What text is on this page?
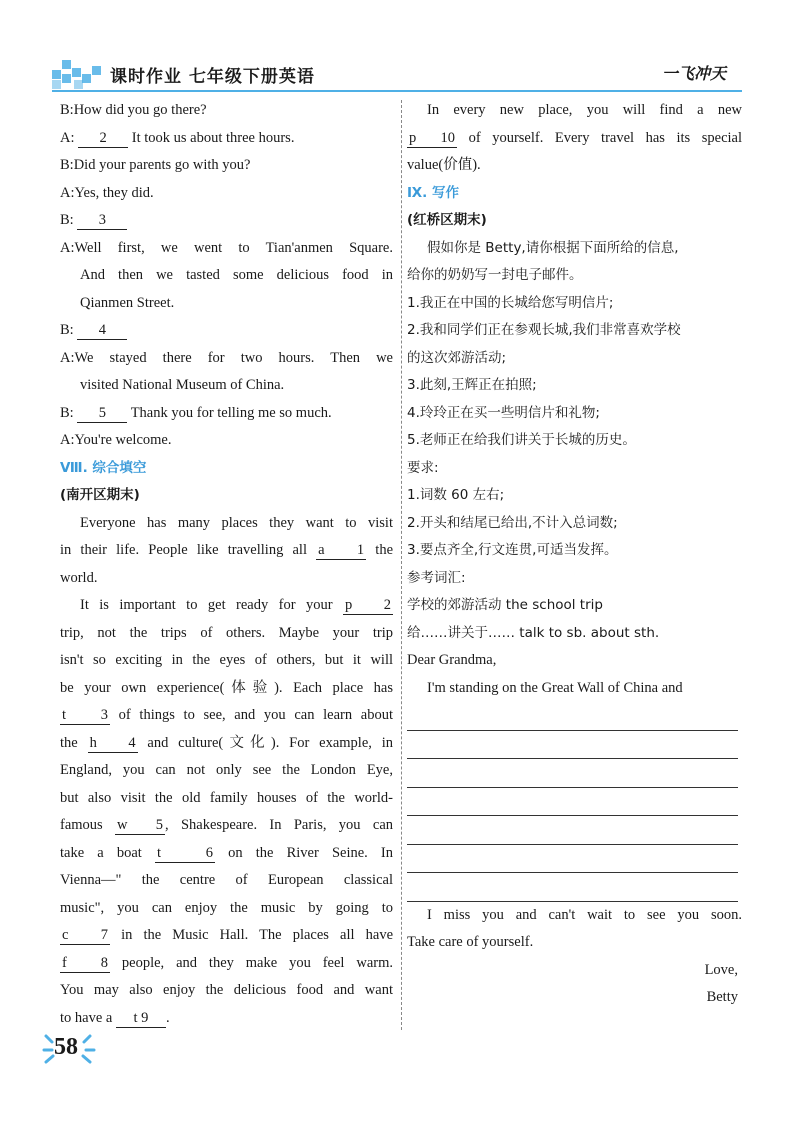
课时作业 七年级下册英语	一飞冲天
B:How did you go there?
A: 2 It took us about three hours.
B:Did your parents go with you?
A:Yes, they did.
B: 3
A:Well first, we went to Tian'anmen Square.
And then we tasted some delicious food in
Qianmen Street.
B: 4
A:We stayed there for two hours. Then we
visited National Museum of China.
B: 5 Thank you for telling me so much.
A:You're welcome.
Ⅷ. 综合填空
(南开区期末)
Everyone has many places they want to visit
in their life. People like travelling all a 1 the
world.
It is important to get ready for your p 2
trip, not the trips of others. Maybe your trip
isn't so exciting in the eyes of others, but it will
be your own experience(体验). Each place has
t 3 of things to see, and you can learn about
the h 4 and culture(文化). For example, in
England, you can not only see the London Eye,
but also visit the old family houses of the world-
famous w 5 , Shakespeare. In Paris, you can
take a boat t 6 on the River Seine. In
Vienna—" the centre of European classical
music", you can enjoy the music by going to
c 7 in the Music Hall. The places all have
f 8 people, and they make you feel warm.
You may also enjoy the delicious food and want
to have a t 9 .
In every new place, you will find a new
p 10 of yourself. Every travel has its special
value(价值).
Ⅸ. 写作
(红桥区期末)
假如你是 Betty,请你根据下面所给的信息,
给你的奶奶写一封电子邮件。
1.我正在中国的长城给您写明信片;
2.我和同学们正在参观长城,我们非常喜欢学校
的这次郊游活动;
3.此刻,王辉正在拍照;
4.玲玲正在买一些明信片和礼物;
5.老师正在给我们讲关于长城的历史。
要求:
1.词数 60 左右;
2.开头和结尾已给出,不计入总词数;
3.要点齐全,行文连贯,可适当发挥。
参考词汇:
学校的郊游活动 the school trip
给……讲关于…… talk to sb. about sth.
Dear Grandma,
I'm standing on the Great Wall of China and
I miss you and can't wait to see you soon.
Take care of yourself.
Love,
Betty
58
